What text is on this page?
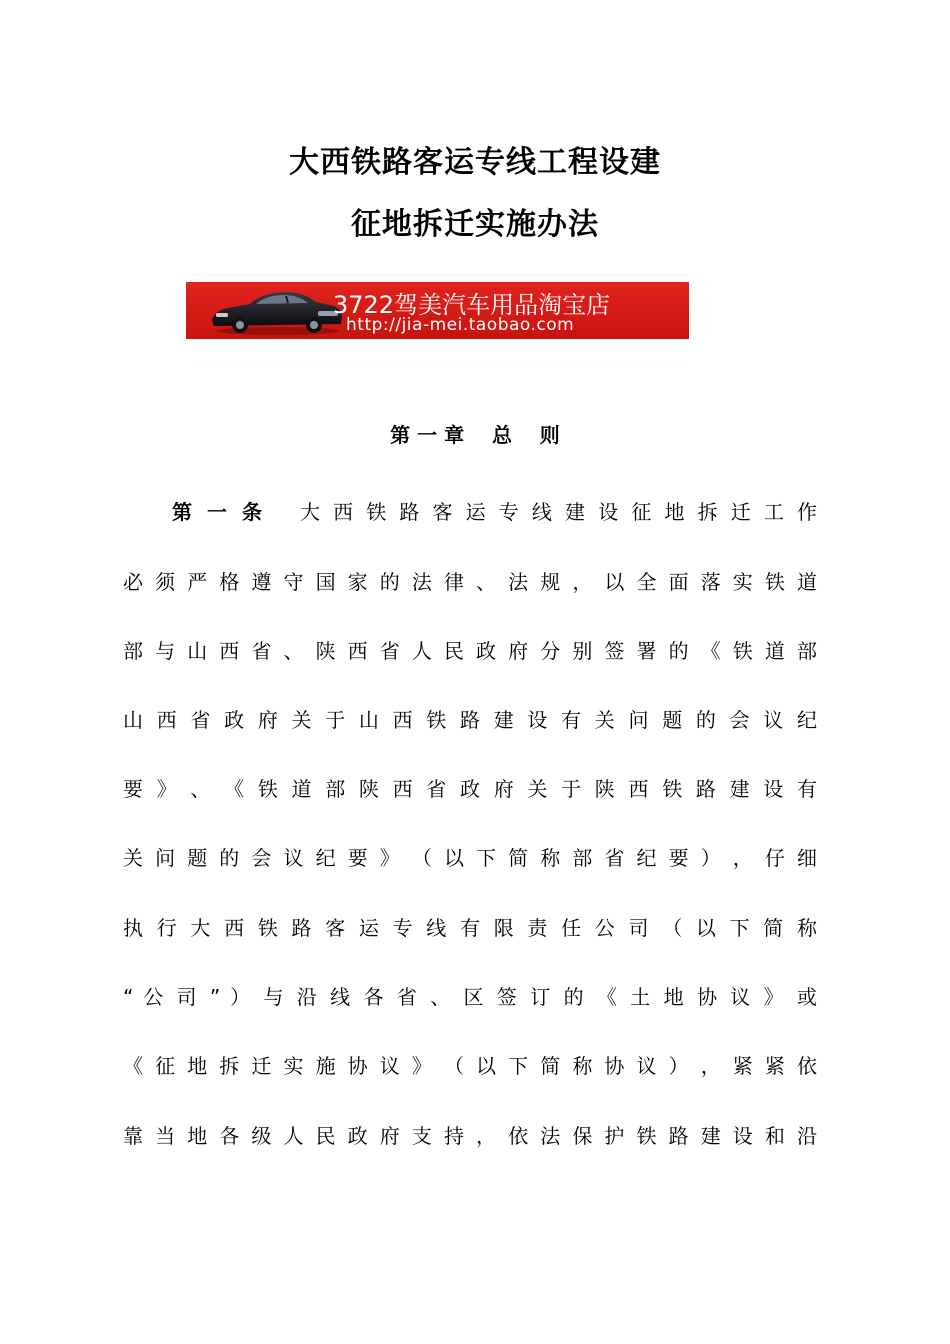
大西铁路客运专线工程设建
征地拆迁实施办法
3722驾美汽车用品淘宝店
http://jia-mei.taobao.com
第 一 章    总    则
第 一 条 大 西 铁 路 客 运 专 线 建 设 征 地 拆 迁 工 作
必 须 严 格 遵 守 国 家 的 法 律 、 法 规 ， 以 全 面 落 实 铁 道
部 与 山 西 省 、 陕 西 省 人 民 政 府 分 别 签 署 的 《 铁 道 部
山 西 省 政 府 关 于 山 西 铁 路 建 设 有 关 问 题 的 会 议 纪
要 》 、 《 铁 道 部 陕 西 省 政 府 关 于 陕 西 铁 路 建 设 有
关 问 题 的 会 议 纪 要 》 （ 以 下 简 称 部 省 纪 要 ） ， 仔 细
执 行 大 西 铁 路 客 运 专 线 有 限 责 任 公 司 （ 以 下 简 称
“ 公 司 ” ） 与 沿 线 各 省 、 区 签 订 的 《 土 地 协 议 》 或
《 征 地 拆 迁 实 施 协 议 》 （ 以 下 简 称 协 议 ） ， 紧 紧 依
靠 当 地 各 级 人 民 政 府 支 持 ， 依 法 保 护 铁 路 建 设 和 沿
